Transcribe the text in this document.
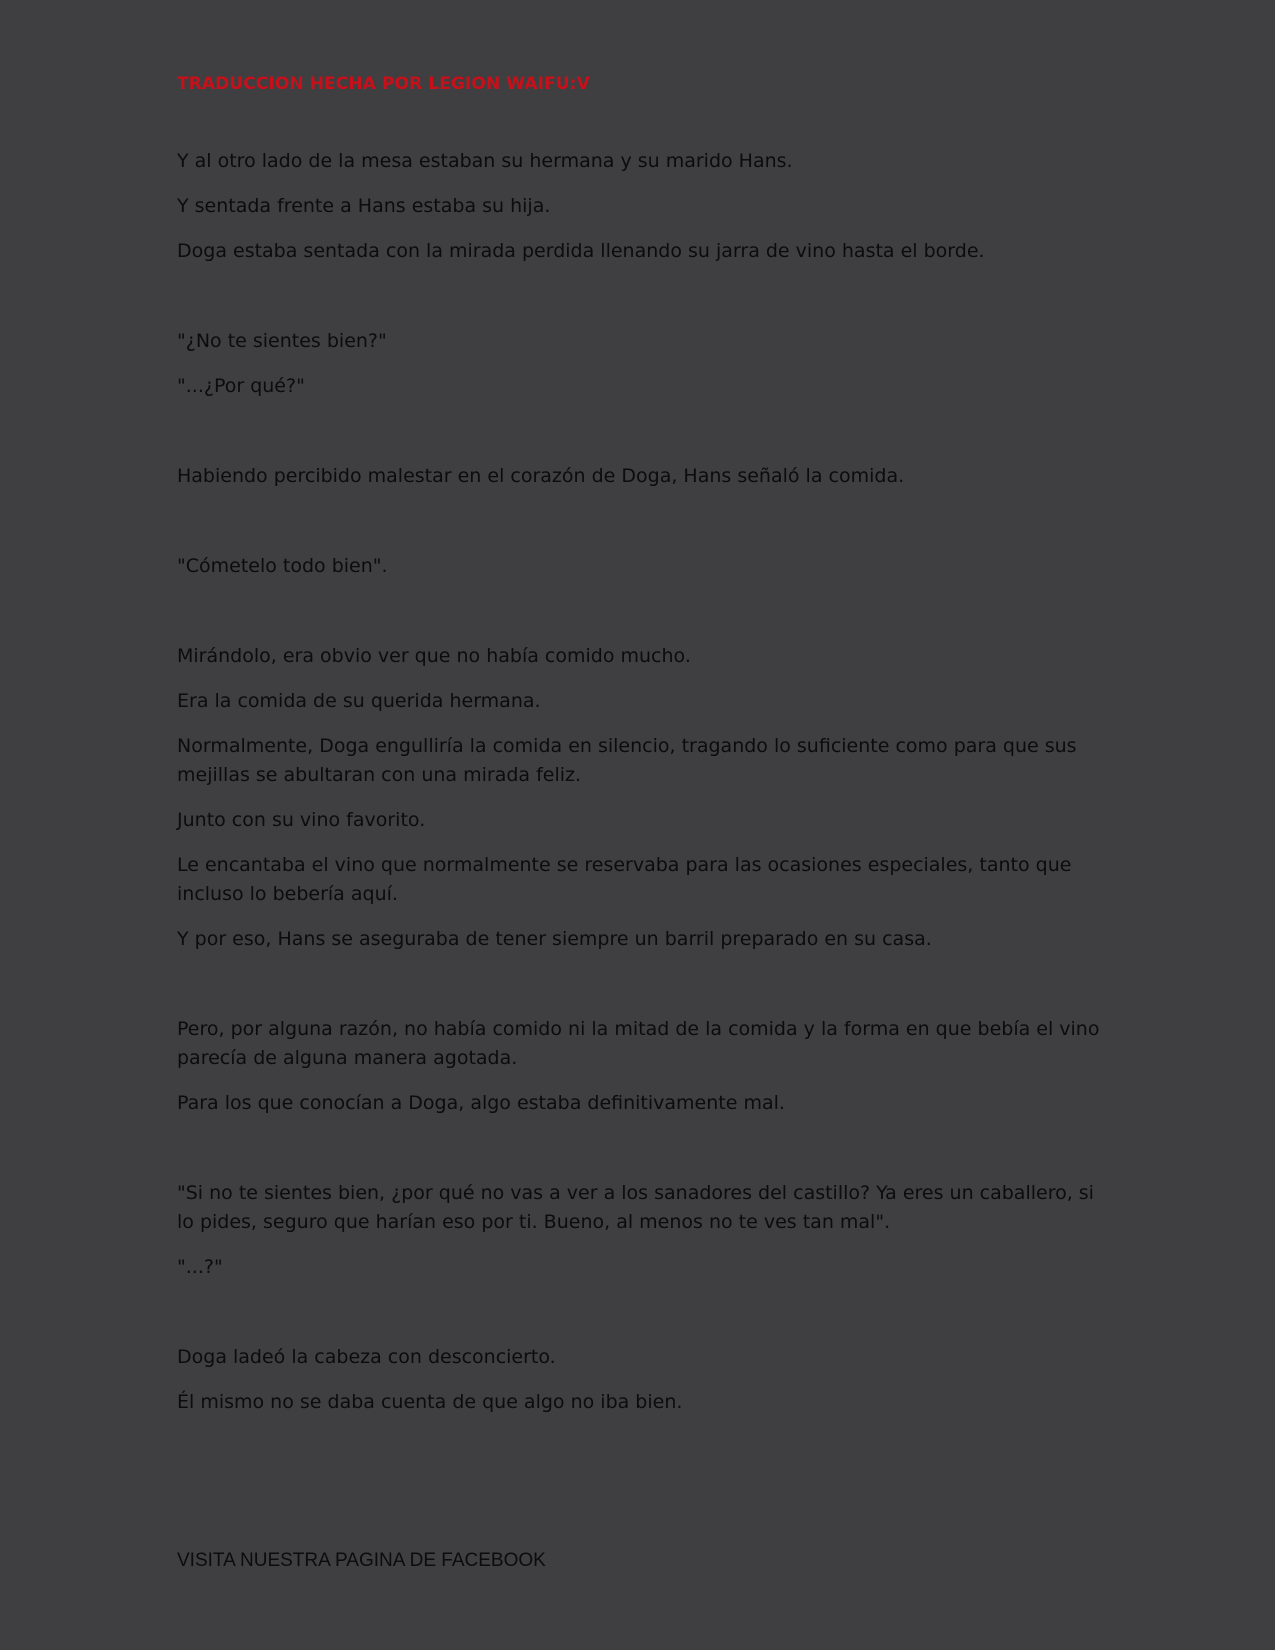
TRADUCCION HECHA POR LEGION WAIFU:V

Y al otro lado de la mesa estaban su hermana y su marido Hans.

Y sentada frente a Hans estaba su hija.

Doga estaba sentada con la mirada perdida llenando su jarra de vino hasta el borde.

"¿No te sientes bien?"

"...¿Por qué?"

Habiendo percibido malestar en el corazón de Doga, Hans señaló la comida.

"Cómetelo todo bien".

Mirándolo, era obvio ver que no había comido mucho.

Era la comida de su querida hermana.

Normalmente, Doga engulliría la comida en silencio, tragando lo suficiente como para que sus mejillas se abultaran con una mirada feliz.

Junto con su vino favorito.

Le encantaba el vino que normalmente se reservaba para las ocasiones especiales, tanto que incluso lo bebería aquí.

Y por eso, Hans se aseguraba de tener siempre un barril preparado en su casa.

Pero, por alguna razón, no había comido ni la mitad de la comida y la forma en que bebía el vino parecía de alguna manera agotada.

Para los que conocían a Doga, algo estaba definitivamente mal.

"Si no te sientes bien, ¿por qué no vas a ver a los sanadores del castillo? Ya eres un caballero, si lo pides, seguro que harían eso por ti. Bueno, al menos no te ves tan mal".

"...?"

Doga ladeó la cabeza con desconcierto.

Él mismo no se daba cuenta de que algo no iba bien.

VISITA NUESTRA PAGINA DE FACEBOOK
